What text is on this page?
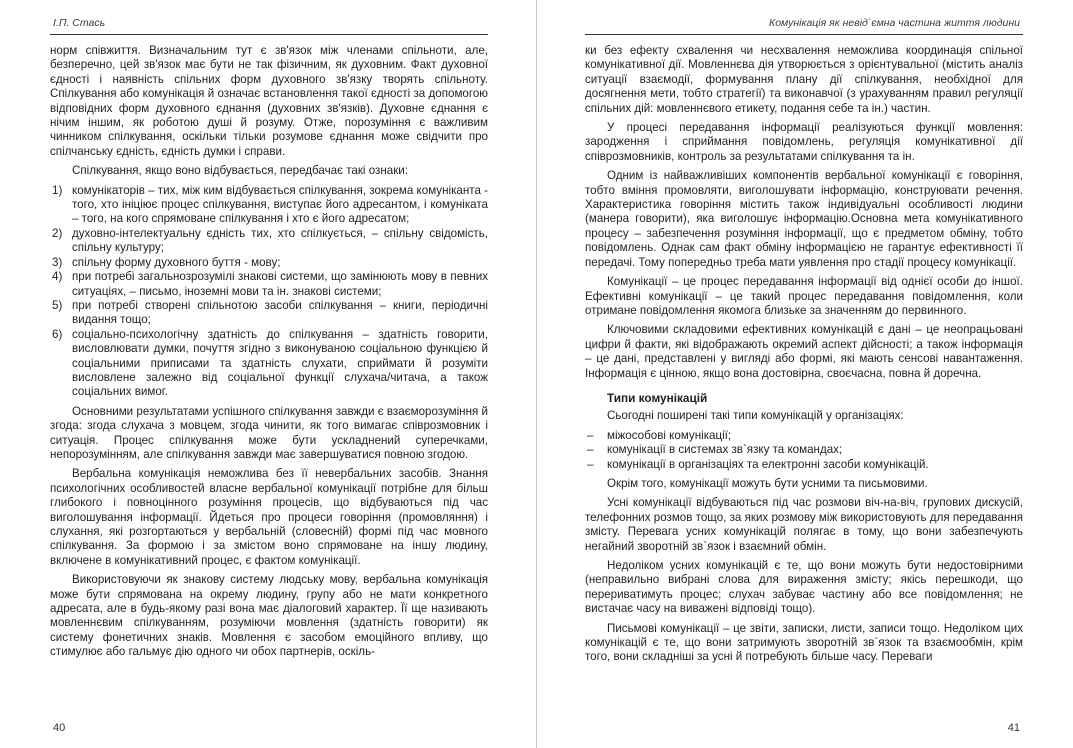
І.П. Стась

норм співжиття. Визначальним тут є зв'язок між членами спільноти, але, безперечно, цей зв'язок має бути не так фізичним, як духовним. Факт духовної єдності і наявність спільних форм духовного зв'язку творять спільноту. Спілкування або комунікація й означає встановлення такої єдності за допомогою відповідних форм духовного єднання (духовних зв'язків). Духовне єднання є нічим іншим, як роботою душі й розуму. Отже, порозуміння є важливим чинником спілкування, оскільки тільки розумове єднання може свідчити про спілчанську єдність, єдність думки і справи.

Спілкування, якщо воно відбувається, передбачає такі ознаки:

1) комунікаторів – тих, між ким відбувається спілкування, зокрема комуніканта - того, хто ініціює процес спілкування, виступає його адресантом, і комуніката – того, на кого спрямоване спілкування і хто є його адресатом;
2) духовно-інтелектуальну єдність тих, хто спілкується, – спільну свідомість, спільну культуру;
3) спільну форму духовного буття - мову;
4) при потребі загальнозрозумілі знакові системи, що замінюють мову в певних ситуаціях, – письмо, іноземні мови та ін. знакові системи;
5) при потребі створені спільнотою засоби спілкування – книги, періодичні видання тощо;
6) соціально-психологічну здатність до спілкування – здатність говорити, висловлювати думки, почуття згідно з виконуваною соціальною функцією й соціальними приписами та здатність слухати, сприймати й розуміти висловлене залежно від соціальної функції слухача/читача, а також соціальних вимог.

Основними результатами успішного спілкування завжди є взаєморозуміння й згода: згода слухача з мовцем, згода чинити, як того вимагає співрозмовник і ситуація. Процес спілкування може бути ускладнений суперечками, непорозумінням, але спілкування завжди має завершуватися повною згодою.

Вербальна комунікація неможлива без її невербальних засобів. Знання психологічних особливостей власне вербальної комунікації потрібне для більш глибокого і повноцінного розуміння процесів, що відбуваються під час виголошування інформації. Йдеться про процеси говоріння (промовляння) і слухання, які розгортаються у вербальній (словесній) формі під час мовного спілкування. За формою і за змістом воно спрямоване на іншу людину, включене в комунікативний процес, є фактом комунікації.

Використовуючи як знакову систему людську мову, вербальна комунікація може бути спрямована на окрему людину, групу або не мати конкретного адресата, але в будь-якому разі вона має діалоговий характер. Її ще називають мовленнєвим спілкуванням, розуміючи мовлення (здатність говорити) як систему фонетичних знаків. Мовлення є засобом емоційного впливу, що стимулює або гальмує дію одного чи обох партнерів, оскіль-

40
Комунікація як невід`ємна частина життя людини

ки без ефекту схвалення чи несхвалення неможлива координація спільної комунікативної дії. Мовленнєва дія утворюється з орієнтувальної (містить аналіз ситуації взаємодії, формування плану дії спілкування, необхідної для досягнення мети, тобто стратегії) та виконавчої (з урахуванням правил регуляції спільних дій: мовленнєвого етикету, подання себе та ін.) частин.

У процесі передавання інформації реалізуються функції мовлення: зародження і сприймання повідомлень, регуляція комунікативної дії співрозмовників, контроль за результатами спілкування та ін.

Одним із найважливіших компонентів вербальної комунікації є говоріння, тобто вміння промовляти, виголошувати інформацію, конструювати речення. Характеристика говоріння містить також індивідуальні особливості людини (манера говорити), яка виголошує інформацію.Основна мета комунікативного процесу – забезпечення розуміння інформації, що є предметом обміну, тобто повідомлень. Однак сам факт обміну інформацією не гарантує ефективності її передачі. Тому попередньо треба мати уявлення про стадії процесу комунікації.

Комунікації – це процес передавання інформації від однієї особи до іншої. Ефективні комунікації – це такий процес передавання повідомлення, коли отримане повідомлення якомога близьке за значенням до первинного.

Ключовими складовими ефективних комунікацій є дані – це неопрацьовані цифри й факти, які відображають окремий аспект дійсності; а також інформація – це дані, представлені у вигляді або формі, які мають сенсові навантаження. Інформація є цінною, якщо вона достовірна, своєчасна, повна й доречна.

Типи комунікацій

Сьогодні поширені такі типи комунікацій у організаціях:

– міжособові комунікації;
– комунікації в системах зв`язку та командах;
– комунікації в організаціях та електронні засоби комунікацій.

Окрім того, комунікації можуть бути усними та письмовими.

Усні комунікації відбуваються під час розмови віч-на-віч, групових дискусій, телефонних розмов тощо, за яких розмову між використовують для передавання змісту. Перевага усних комунікацій полягає в тому, що вони забезпечують негайний зворотній зв`язок і взаємний обмін.

Недоліком усних комунікацій є те, що вони можуть бути недостовірними (неправильно вибрані слова для вираження змісту; якісь перешкоди, що перериватимуть процес; слухач забуває частину або все повідомлення; не вистачає часу на виважені відповіді тощо).

Письмові комунікації – це звіти, записки, листи, записи тощо. Недоліком цих комунікацій є те, що вони затримують зворотній зв`язок та взаємообмін, крім того, вони складніші за усні й потребують більше часу. Переваги

41
